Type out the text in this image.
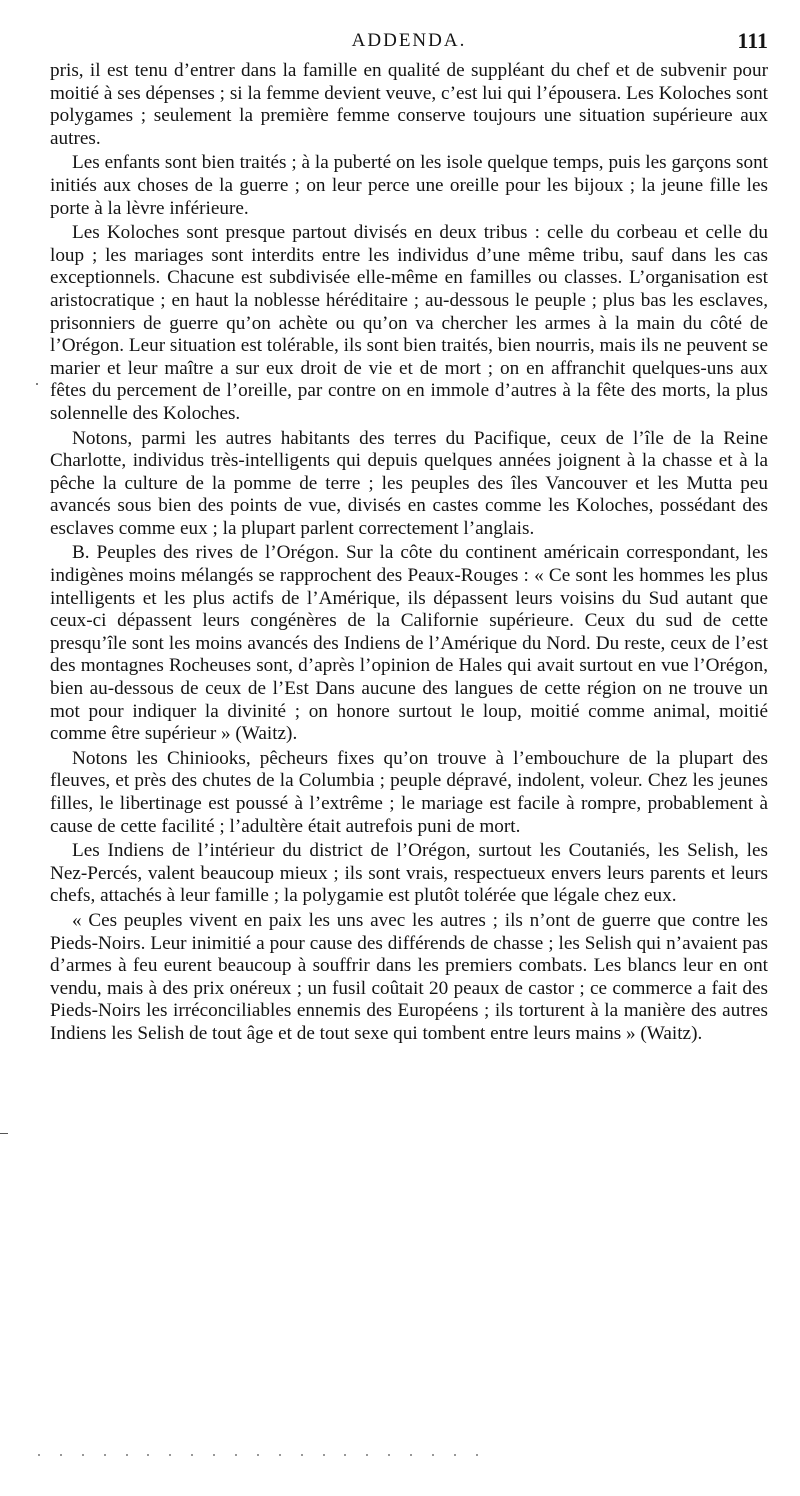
ADDENDA.	111

pris, il est tenu d’entrer dans la famille en qualité de suppléant du chef et de subvenir pour moitié à ses dépenses ; si la femme devient veuve, c’est lui qui l’épousera. Les Koloches sont polygames ; seulement la première femme conserve toujours une situation supérieure aux autres.

Les enfants sont bien traités ; à la puberté on les isole quelque temps, puis les garçons sont initiés aux choses de la guerre ; on leur perce une oreille pour les bijoux ; la jeune fille les porte à la lèvre inférieure.

Les Koloches sont presque partout divisés en deux tribus : celle du corbeau et celle du loup ; les mariages sont interdits entre les individus d’une même tribu, sauf dans les cas exceptionnels. Chacune est subdivisée elle-même en familles ou classes. L’organisation est aristocratique ; en haut la noblesse héréditaire ; au-dessous le peuple ; plus bas les esclaves, prisonniers de guerre qu’on achète ou qu’on va chercher les armes à la main du côté de l’Orégon. Leur situation est tolérable, ils sont bien traités, bien nourris, mais ils ne peuvent se marier et leur maître a sur eux droit de vie et de mort ; on en affranchit quelques-uns aux fêtes du percement de l’oreille, par contre on en immole d’autres à la fête des morts, la plus solennelle des Koloches.

Notons, parmi les autres habitants des terres du Pacifique, ceux de l’île de la Reine Charlotte, individus très-intelligents qui depuis quelques années joignent à la chasse et à la pêche la culture de la pomme de terre ; les peuples des îles Vancouver et les Mutta peu avancés sous bien des points de vue, divisés en castes comme les Koloches, possédant des esclaves comme eux ; la plupart parlent correctement l’anglais.

B. Peuples des rives de l’Orégon. Sur la côte du continent américain correspondant, les indigènes moins mélangés se rapprochent des Peaux-Rouges : « Ce sont les hommes les plus intelligents et les plus actifs de l’Amérique, ils dépassent leurs voisins du Sud autant que ceux-ci dépassent leurs congénères de la Californie supérieure. Ceux du sud de cette presqu’île sont les moins avancés des Indiens de l’Amérique du Nord. Du reste, ceux de l’est des montagnes Rocheuses sont, d’après l’opinion de Hales qui avait surtout en vue l’Orégon, bien au-dessous de ceux de l’Est Dans aucune des langues de cette région on ne trouve un mot pour indiquer la divinité ; on honore surtout le loup, moitié comme animal, moitié comme être supérieur » (Waitz).

Notons les Chiniooks, pêcheurs fixes qu’on trouve à l’embouchure de la plupart des fleuves, et près des chutes de la Columbia ; peuple dépravé, indolent, voleur. Chez les jeunes filles, le libertinage est poussé à l’extrême ; le mariage est facile à rompre, probablement à cause de cette facilité ; l’adultère était autrefois puni de mort.

Les Indiens de l’intérieur du district de l’Orégon, surtout les Coutaniés, les Selish, les Nez-Percés, valent beaucoup mieux ; ils sont vrais, respectueux envers leurs parents et leurs chefs, attachés à leur famille ; la polygamie est plutôt tolérée que légale chez eux.

« Ces peuples vivent en paix les uns avec les autres ; ils n’ont de guerre que contre les Pieds-Noirs. Leur inimitié a pour cause des différends de chasse ; les Selish qui n’avaient pas d’armes à feu eurent beaucoup à souffrir dans les premiers combats. Les blancs leur en ont vendu, mais à des prix onéreux ; un fusil coûtait 20 peaux de castor ; ce commerce a fait des Pieds-Noirs les irréconciliables ennemis des Européens ; ils torturent à la manière des autres Indiens les Selish de tout âge et de tout sexe qui tombent entre leurs mains » (Waitz).
